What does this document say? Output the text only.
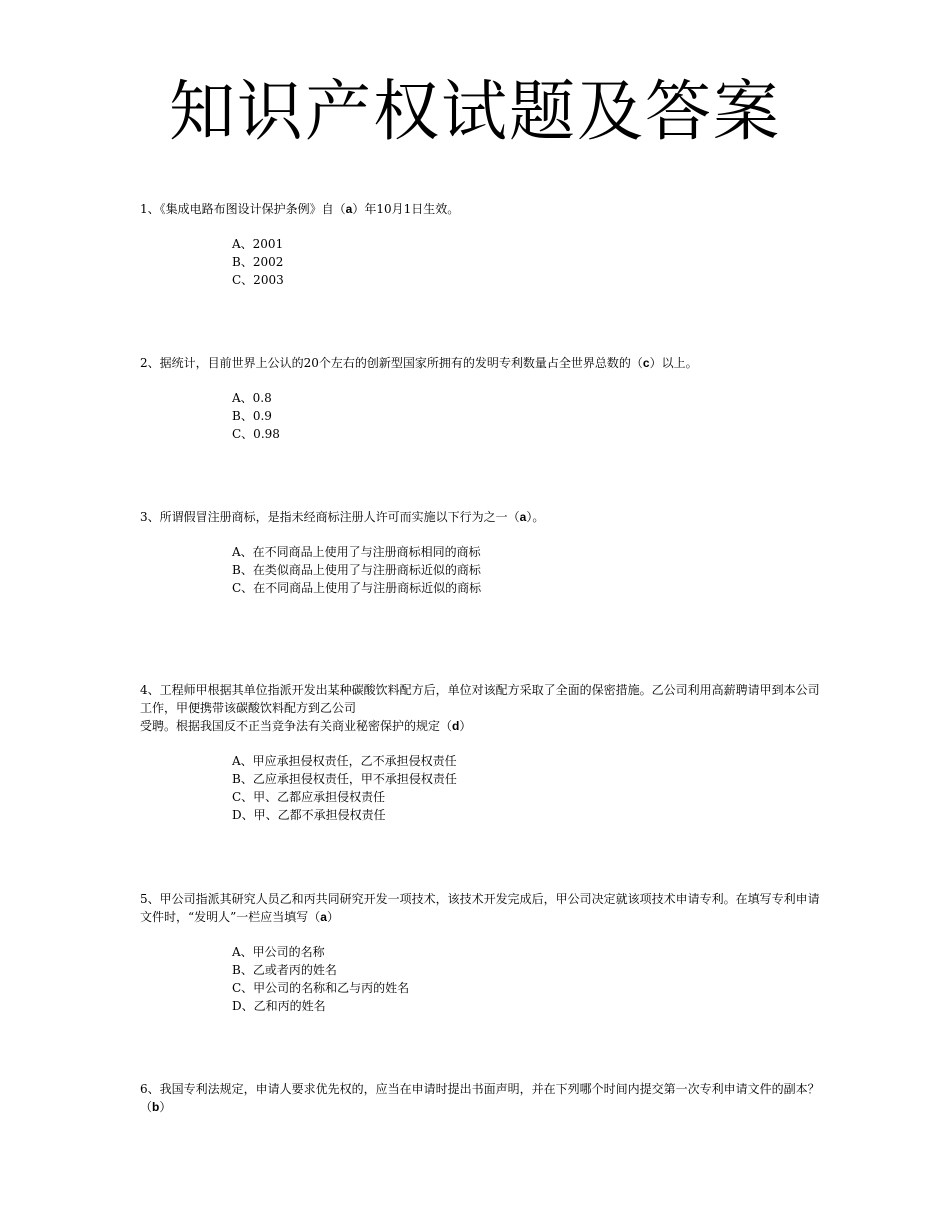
知识产权试题及答案

1、《集成电路布图设计保护条例》自（a）年10月1日生效。

A、2001
B、2002
C、2003

2、据统计，目前世界上公认的20个左右的创新型国家所拥有的发明专利数量占全世界总数的（c）以上。

A、0.8
B、0.9
C、0.98

3、所谓假冒注册商标，是指未经商标注册人许可而实施以下行为之一（a）。

A、在不同商品上使用了与注册商标相同的商标
B、在类似商品上使用了与注册商标近似的商标
C、在不同商品上使用了与注册商标近似的商标

4、工程师甲根据其单位指派开发出某种碳酸饮料配方后，单位对该配方采取了全面的保密措施。乙公司利用高薪聘请甲到本公司工作，甲便携带该碳酸饮料配方到乙公司
受聘。根据我国反不正当竞争法有关商业秘密保护的规定（d）

A、甲应承担侵权责任，乙不承担侵权责任
B、乙应承担侵权责任，甲不承担侵权责任
C、甲、乙都应承担侵权责任
D、甲、乙都不承担侵权责任

5、甲公司指派其研究人员乙和丙共同研究开发一项技术，该技术开发完成后，甲公司决定就该项技术申请专利。在填写专利申请文件时，“发明人”一栏应当填写（a）

A、甲公司的名称
B、乙或者丙的姓名
C、甲公司的名称和乙与丙的姓名
D、乙和丙的姓名

6、我国专利法规定，申请人要求优先权的，应当在申请时提出书面声明，并在下列哪个时间内提交第一次专利申请文件的副本？（b）
